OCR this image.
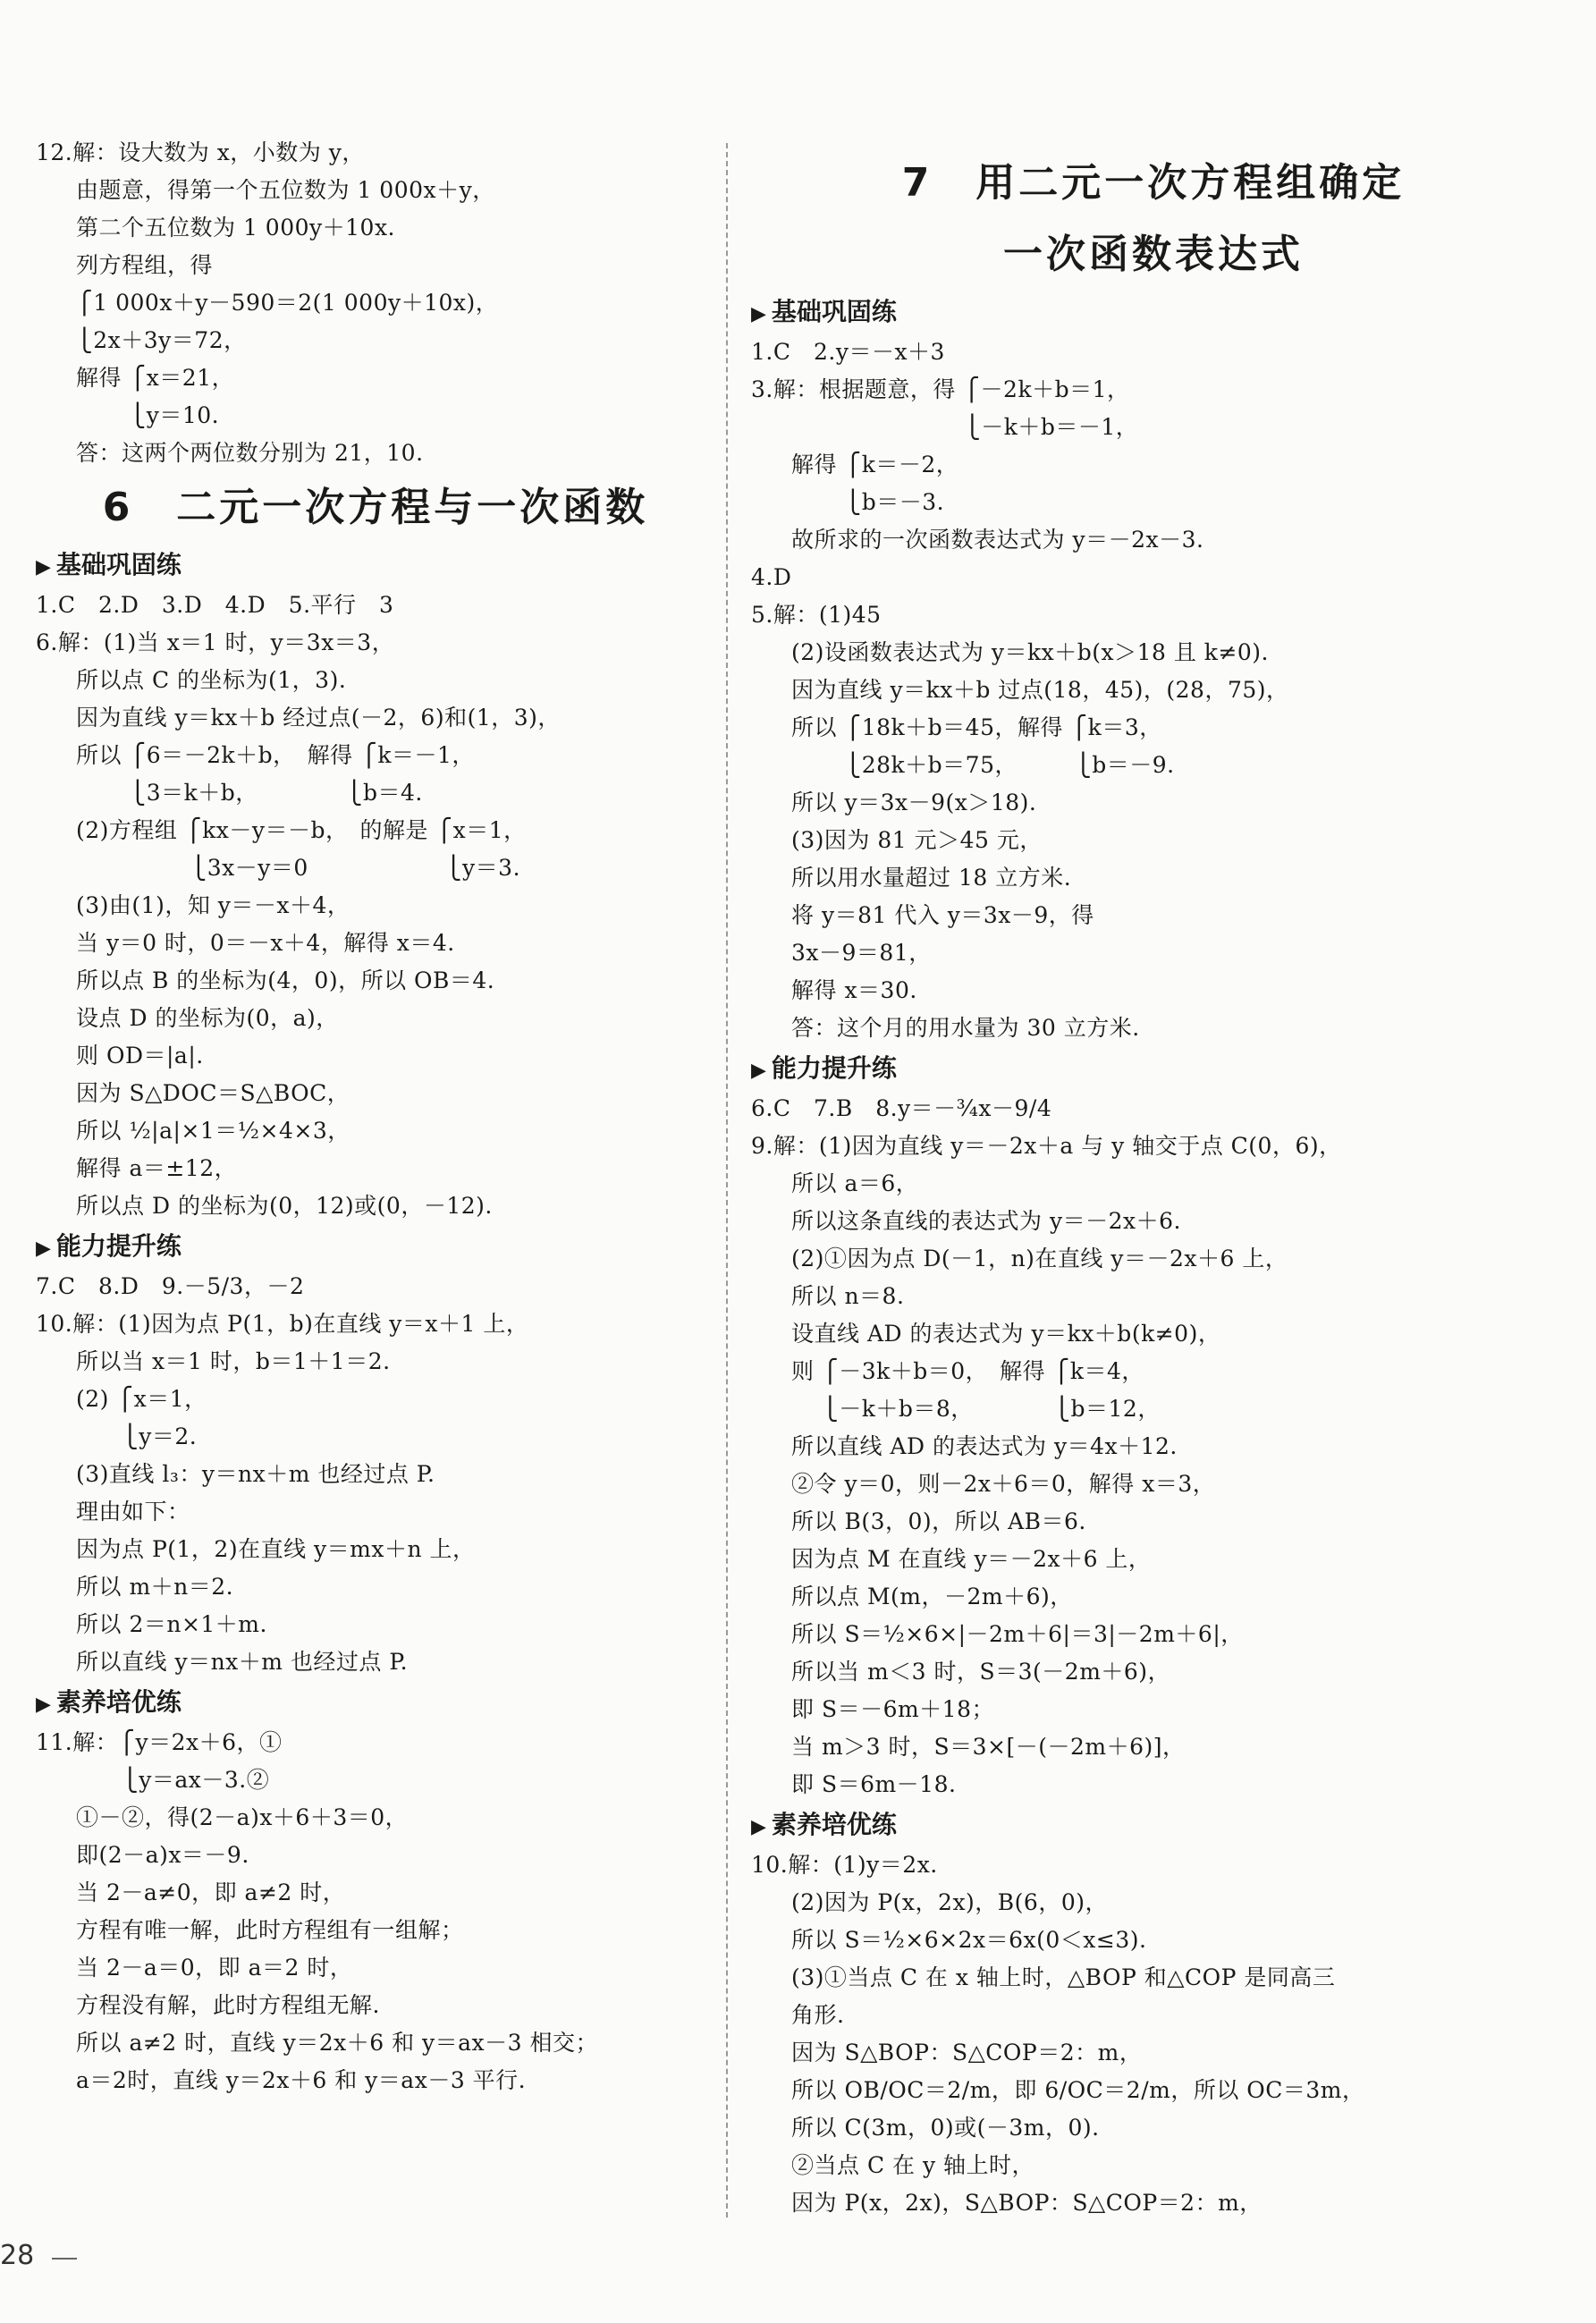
12.解：设大数为 x，小数为 y，
由题意，得第一个五位数为 1 000x＋y，
第二个五位数为 1 000y＋10x.
列方程组，得
⎧1 000x＋y－590＝2(1 000y＋10x)，
⎩2x＋3y＝72，
解得 ⎧x＝21，
　　 ⎩y＝10.
答：这两个两位数分别为 21，10.
6　二元一次方程与一次函数
▶ 基础巩固练
1.C　2.D　3.D　4.D　5.平行　3
6.解：(1)当 x＝1 时，y＝3x＝3，
所以点 C 的坐标为(1，3).
因为直线 y＝kx＋b 经过点(－2，6)和(1，3)，
所以 ⎧6＝－2k＋b，　解得 ⎧k＝－1，
　　 ⎩3＝k＋b，　　　　 ⎩b＝4.
(2)方程组 ⎧kx－y＝－b，　的解是 ⎧x＝1，
　　　　　⎩3x－y＝0　　　　　　⎩y＝3.
(3)由(1)，知 y＝－x＋4，
当 y＝0 时，0＝－x＋4，解得 x＝4.
所以点 B 的坐标为(4，0)，所以 OB＝4.
设点 D 的坐标为(0，a)，
则 OD＝|a|.
因为 S△DOC＝S△BOC，
所以 ½|a|×1＝½×4×3，
解得 a＝±12，
所以点 D 的坐标为(0，12)或(0，－12).
▶ 能力提升练
7.C　8.D　9.－5/3，－2
10.解：(1)因为点 P(1，b)在直线 y＝x＋1 上，
所以当 x＝1 时，b＝1＋1＝2.
(2) ⎧x＝1，
　　⎩y＝2.
(3)直线 l₃：y＝nx＋m 也经过点 P.
理由如下：
因为点 P(1，2)在直线 y＝mx＋n 上，
所以 m＋n＝2.
所以 2＝n×1＋m.
所以直线 y＝nx＋m 也经过点 P.
▶ 素养培优练
11.解：⎧y＝2x＋6，①
　　⎩y＝ax－3.②
①－②，得(2－a)x＋6＋3＝0，
即(2－a)x＝－9.
当 2－a≠0，即 a≠2 时，
方程有唯一解，此时方程组有一组解；
当 2－a＝0，即 a＝2 时，
方程没有解，此时方程组无解.
所以 a≠2 时，直线 y＝2x＋6 和 y＝ax－3 相交；
a＝2时，直线 y＝2x＋6 和 y＝ax－3 平行.
7　用二元一次方程组确定
一次函数表达式
▶ 基础巩固练
1.C　2.y＝－x＋3
3.解：根据题意，得 ⎧－2k＋b＝1，
　　　　　　　　　 ⎩－k＋b＝－1，
解得 ⎧k＝－2，
　　 ⎩b＝－3.
故所求的一次函数表达式为 y＝－2x－3.
4.D
5.解：(1)45
(2)设函数表达式为 y＝kx＋b(x＞18 且 k≠0).
因为直线 y＝kx＋b 过点(18，45)，(28，75)，
所以 ⎧18k＋b＝45，解得 ⎧k＝3，
　　 ⎩28k＋b＝75，　　　⎩b＝－9.
所以 y＝3x－9(x＞18).
(3)因为 81 元＞45 元，
所以用水量超过 18 立方米.
将 y＝81 代入 y＝3x－9，得
3x－9＝81，
解得 x＝30.
答：这个月的用水量为 30 立方米.
▶ 能力提升练
6.C　7.B　8.y＝－¾x－9/4
9.解：(1)因为直线 y＝－2x＋a 与 y 轴交于点 C(0，6)，
所以 a＝6，
所以这条直线的表达式为 y＝－2x＋6.
(2)①因为点 D(－1，n)在直线 y＝－2x＋6 上，
所以 n＝8.
设直线 AD 的表达式为 y＝kx＋b(k≠0)，
则 ⎧－3k＋b＝0，　解得 ⎧k＝4，
　 ⎩－k＋b＝8，　　　　⎩b＝12，
所以直线 AD 的表达式为 y＝4x＋12.
②令 y＝0，则－2x＋6＝0，解得 x＝3，
所以 B(3，0)，所以 AB＝6.
因为点 M 在直线 y＝－2x＋6 上，
所以点 M(m，－2m＋6)，
所以 S＝½×6×|－2m＋6|＝3|－2m＋6|，
所以当 m＜3 时，S＝3(－2m＋6)，
即 S＝－6m＋18；
当 m＞3 时，S＝3×[－(－2m＋6)]，
即 S＝6m－18.
▶ 素养培优练
10.解：(1)y＝2x.
(2)因为 P(x，2x)，B(6，0)，
所以 S＝½×6×2x＝6x(0＜x≤3).
(3)①当点 C 在 x 轴上时，△BOP 和△COP 是同高三
角形.
因为 S△BOP：S△COP＝2：m，
所以 OB/OC＝2/m，即 6/OC＝2/m，所以 OC＝3m，
所以 C(3m，0)或(－3m，0).
②当点 C 在 y 轴上时，
因为 P(x，2x)，S△BOP：S△COP＝2：m，
28
